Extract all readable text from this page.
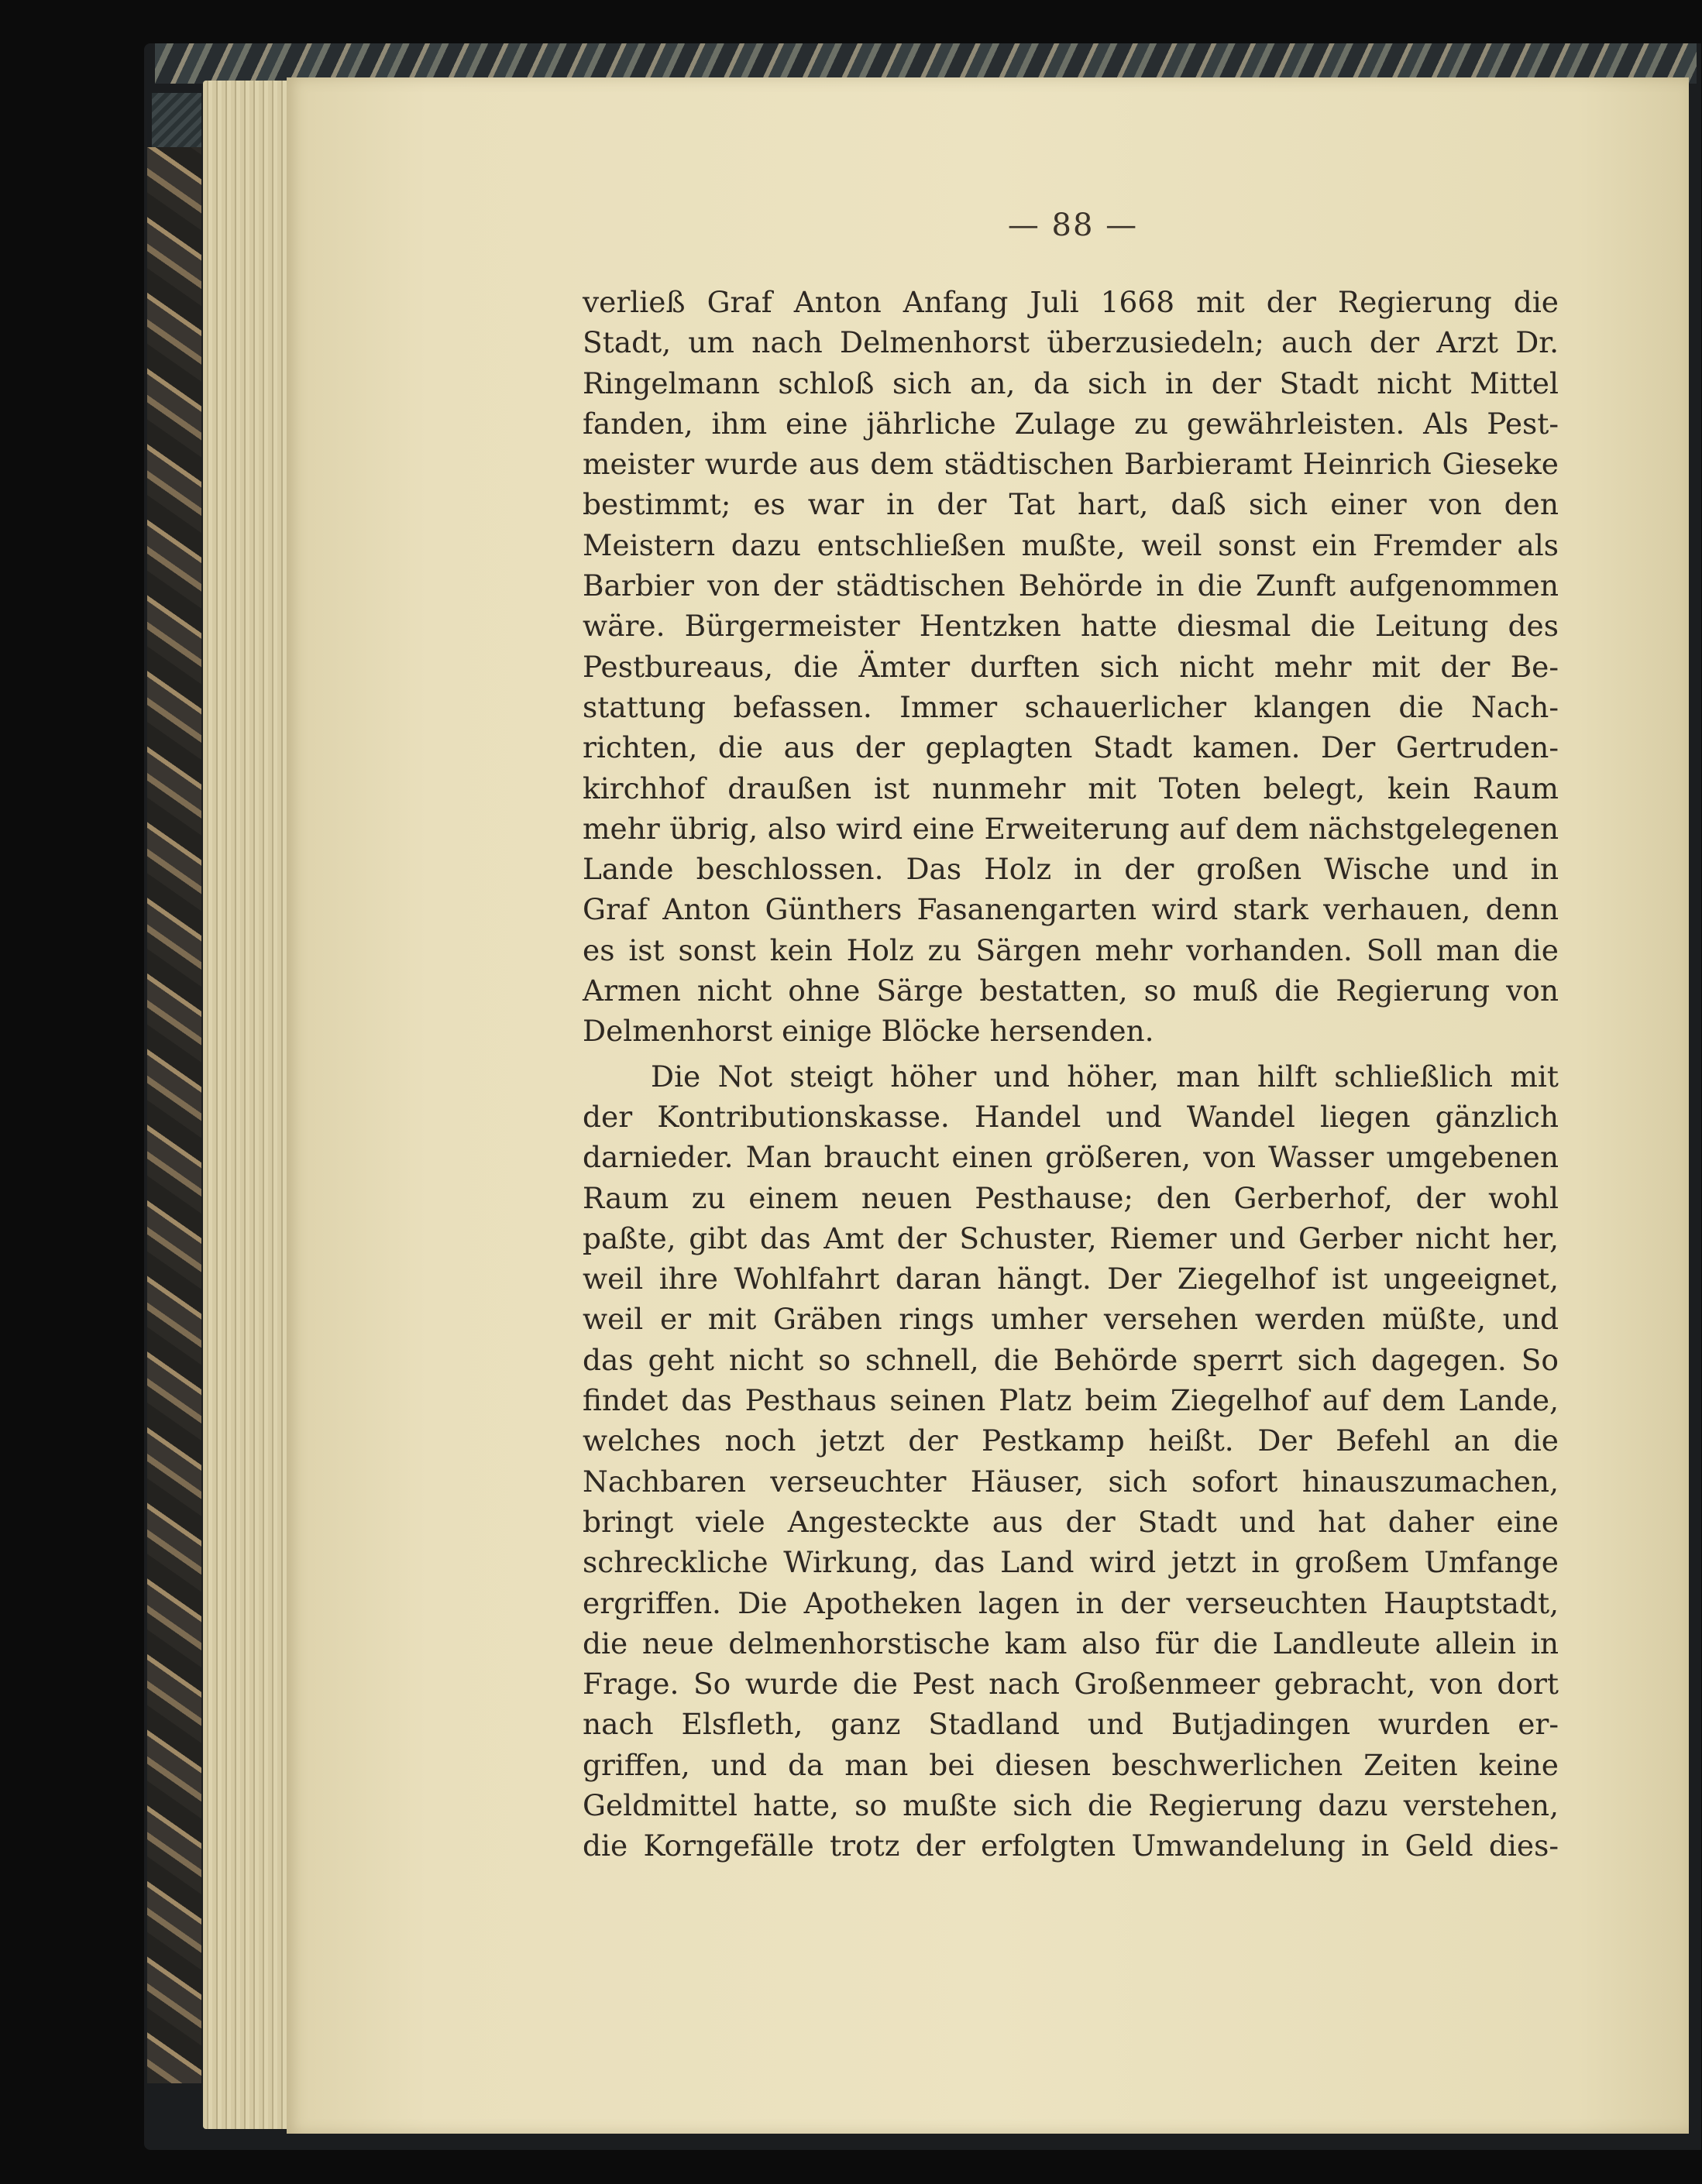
— 88 —
verließ Graf Anton Anfang Juli 1668 mit der Regierung die
Stadt, um nach Delmenhorst überzusiedeln; auch der Arzt Dr.
Ringelmann schloß sich an, da sich in der Stadt nicht Mittel
fanden, ihm eine jährliche Zulage zu gewährleisten. Als Pest-
meister wurde aus dem städtischen Barbieramt Heinrich Gieseke
bestimmt; es war in der Tat hart, daß sich einer von den
Meistern dazu entschließen mußte, weil sonst ein Fremder als
Barbier von der städtischen Behörde in die Zunft aufgenommen
wäre. Bürgermeister Hentzken hatte diesmal die Leitung des
Pestbureaus, die Ämter durften sich nicht mehr mit der Be-
stattung befassen. Immer schauerlicher klangen die Nach-
richten, die aus der geplagten Stadt kamen. Der Gertruden-
kirchhof draußen ist nunmehr mit Toten belegt, kein Raum
mehr übrig, also wird eine Erweiterung auf dem nächstgelegenen
Lande beschlossen. Das Holz in der großen Wische und in
Graf Anton Günthers Fasanengarten wird stark verhauen, denn
es ist sonst kein Holz zu Särgen mehr vorhanden. Soll man die
Armen nicht ohne Särge bestatten, so muß die Regierung von
Delmenhorst einige Blöcke hersenden.
Die Not steigt höher und höher, man hilft schließlich mit
der Kontributionskasse. Handel und Wandel liegen gänzlich
darnieder. Man braucht einen größeren, von Wasser umgebenen
Raum zu einem neuen Pesthause; den Gerberhof, der wohl
paßte, gibt das Amt der Schuster, Riemer und Gerber nicht her,
weil ihre Wohlfahrt daran hängt. Der Ziegelhof ist ungeeignet,
weil er mit Gräben rings umher versehen werden müßte, und
das geht nicht so schnell, die Behörde sperrt sich dagegen. So
findet das Pesthaus seinen Platz beim Ziegelhof auf dem Lande,
welches noch jetzt der Pestkamp heißt. Der Befehl an die
Nachbaren verseuchter Häuser, sich sofort hinauszumachen,
bringt viele Angesteckte aus der Stadt und hat daher eine
schreckliche Wirkung, das Land wird jetzt in großem Umfange
ergriffen. Die Apotheken lagen in der verseuchten Hauptstadt,
die neue delmenhorstische kam also für die Landleute allein in
Frage. So wurde die Pest nach Großenmeer gebracht, von dort
nach Elsfleth, ganz Stadland und Butjadingen wurden er-
griffen, und da man bei diesen beschwerlichen Zeiten keine
Geldmittel hatte, so mußte sich die Regierung dazu verstehen,
die Korngefälle trotz der erfolgten Umwandelung in Geld dies-
